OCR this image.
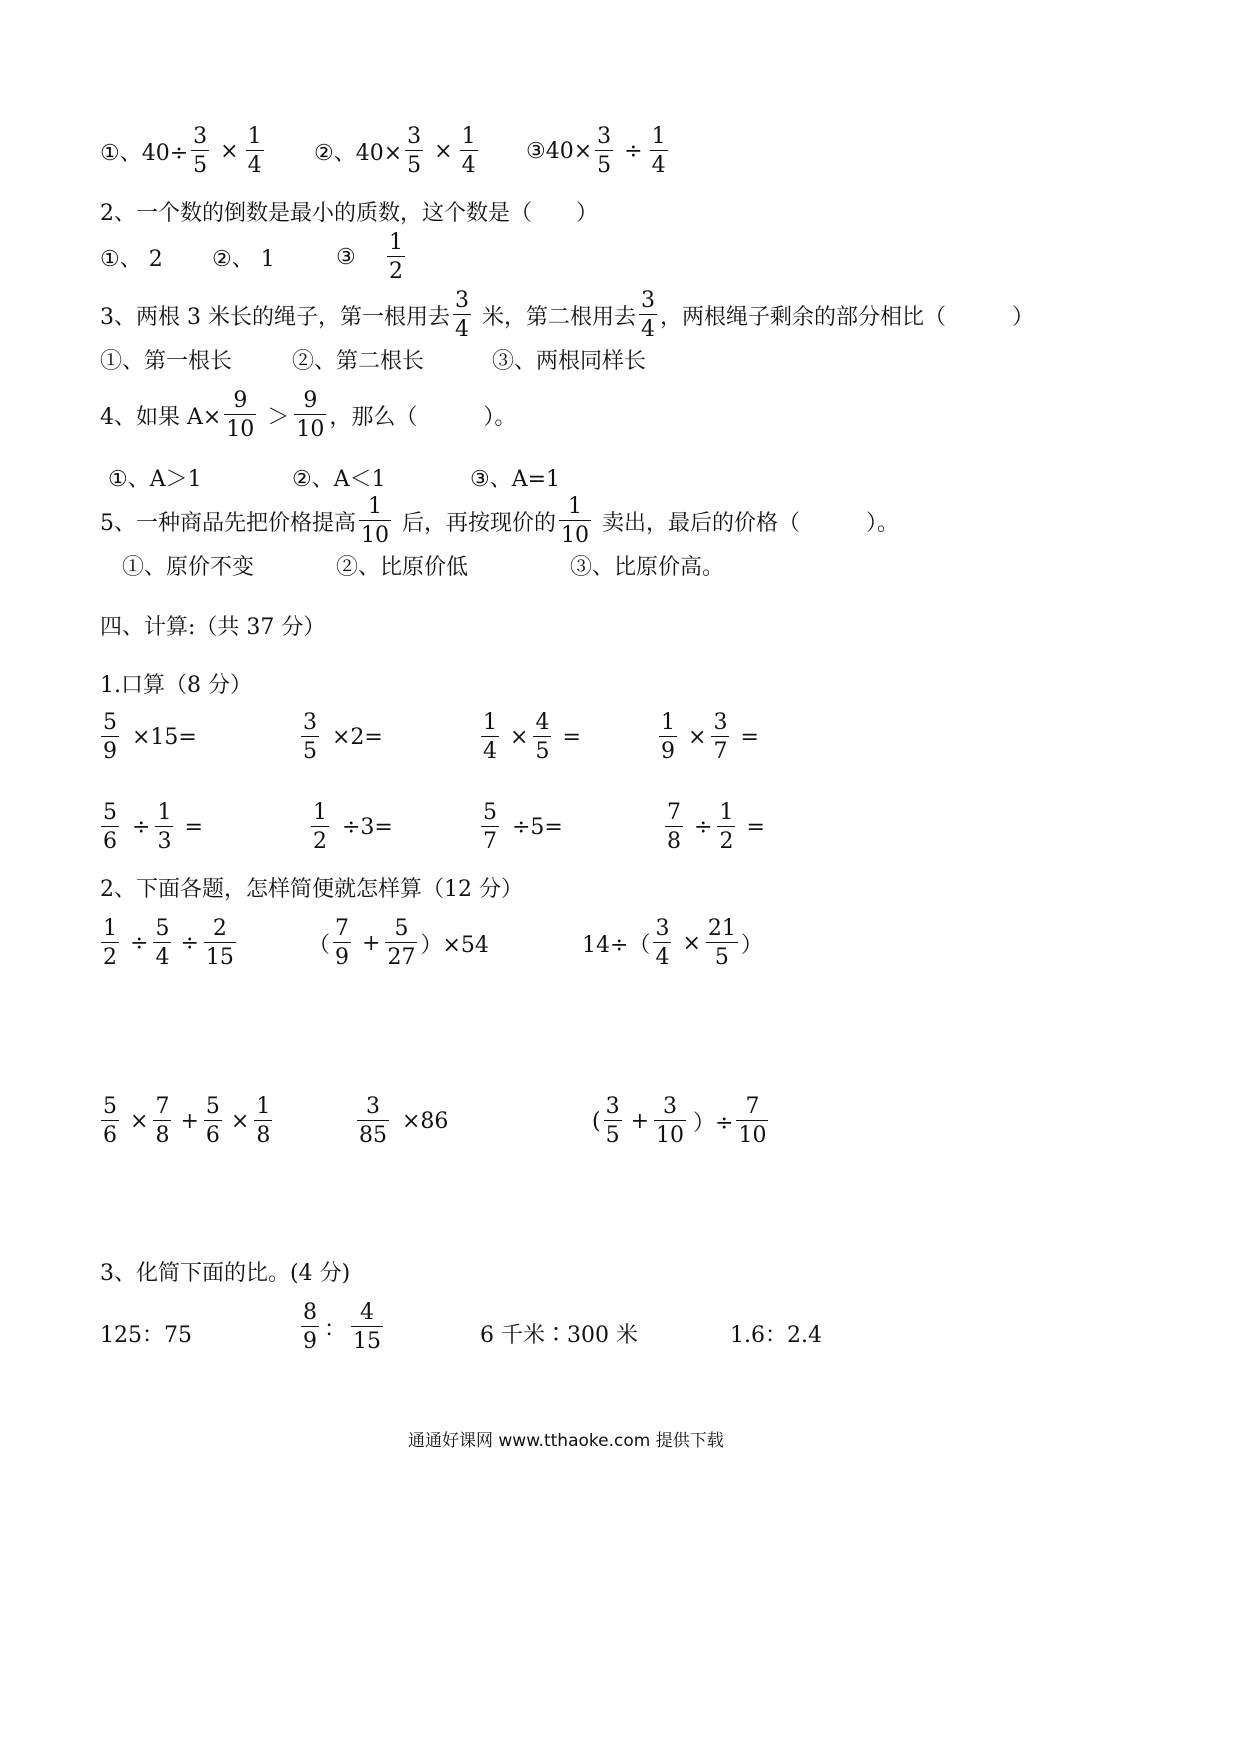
①、$40\div \frac{3}{5} \times \frac{1}{4}$ ②、$40\times \frac{3}{5} \times \frac{1}{4}$ ③40× $\frac{3}{5} \div \frac{1}{4}$
2、一个数的倒数是最小的质数，这个数是（　　）
①、 2	②、 1	③	$\frac{1}{2}$
3、两根 3 米长的绳子，第一根用去 $\frac{3}{4}$ 米，第二根用去 $\frac{3}{4}$ ，两根绳子剩余的部分相比（　　　）
①、第一根长	②、第二根长	③、两根同样长
4、如果 $A\times \frac{9}{10} > \frac{9}{10}$ ，那么（　　　）。
①、A＞1	②、A＜1	③、A=1
5、一种商品先把价格提高 $\frac{1}{10}$ 后，再按现价的 $\frac{1}{10}$ 卖出，最后的价格（　　　）。
①、原价不变	②、比原价低	③、比原价高。
四、计算:（共 37 分）
1.口算（8 分）
$\frac{5}{9} \times 15=$	$\frac{3}{5} \times 2=$	$\frac{1}{4} \times \frac{4}{5}$ =	$\frac{1}{9} \times \frac{3}{7}$ =
$\frac{5}{6} \div \frac{1}{3}$ =	$\frac{1}{2} \div 3=$	$\frac{5}{7} \div 5=$	$\frac{7}{8} \div \frac{1}{2}$ =
2、下面各题，怎样简便就怎样算（12 分）
$\frac{1}{2} \div \frac{5}{4} \div \frac{2}{15}$	（ $\frac{7}{9} + \frac{5}{27} )\times 54$	$14\div( \frac{3}{4} \times \frac{21}{5}$ ）
$\frac{5}{6} \times \frac{7}{8} + \frac{5}{6} \times \frac{1}{8}$	$\frac{3}{85} \times 86$	( $\frac{3}{5} + \frac{3}{10}$ ）÷ $\frac{7}{10}$
3、化简下面的比。(4 分)
125：75	$\frac{8}{9}$ ： $\frac{4}{15}$	6 千米∶300 米	1.6：2.4
通通好课网 www.tthaoke.com 提供下载
